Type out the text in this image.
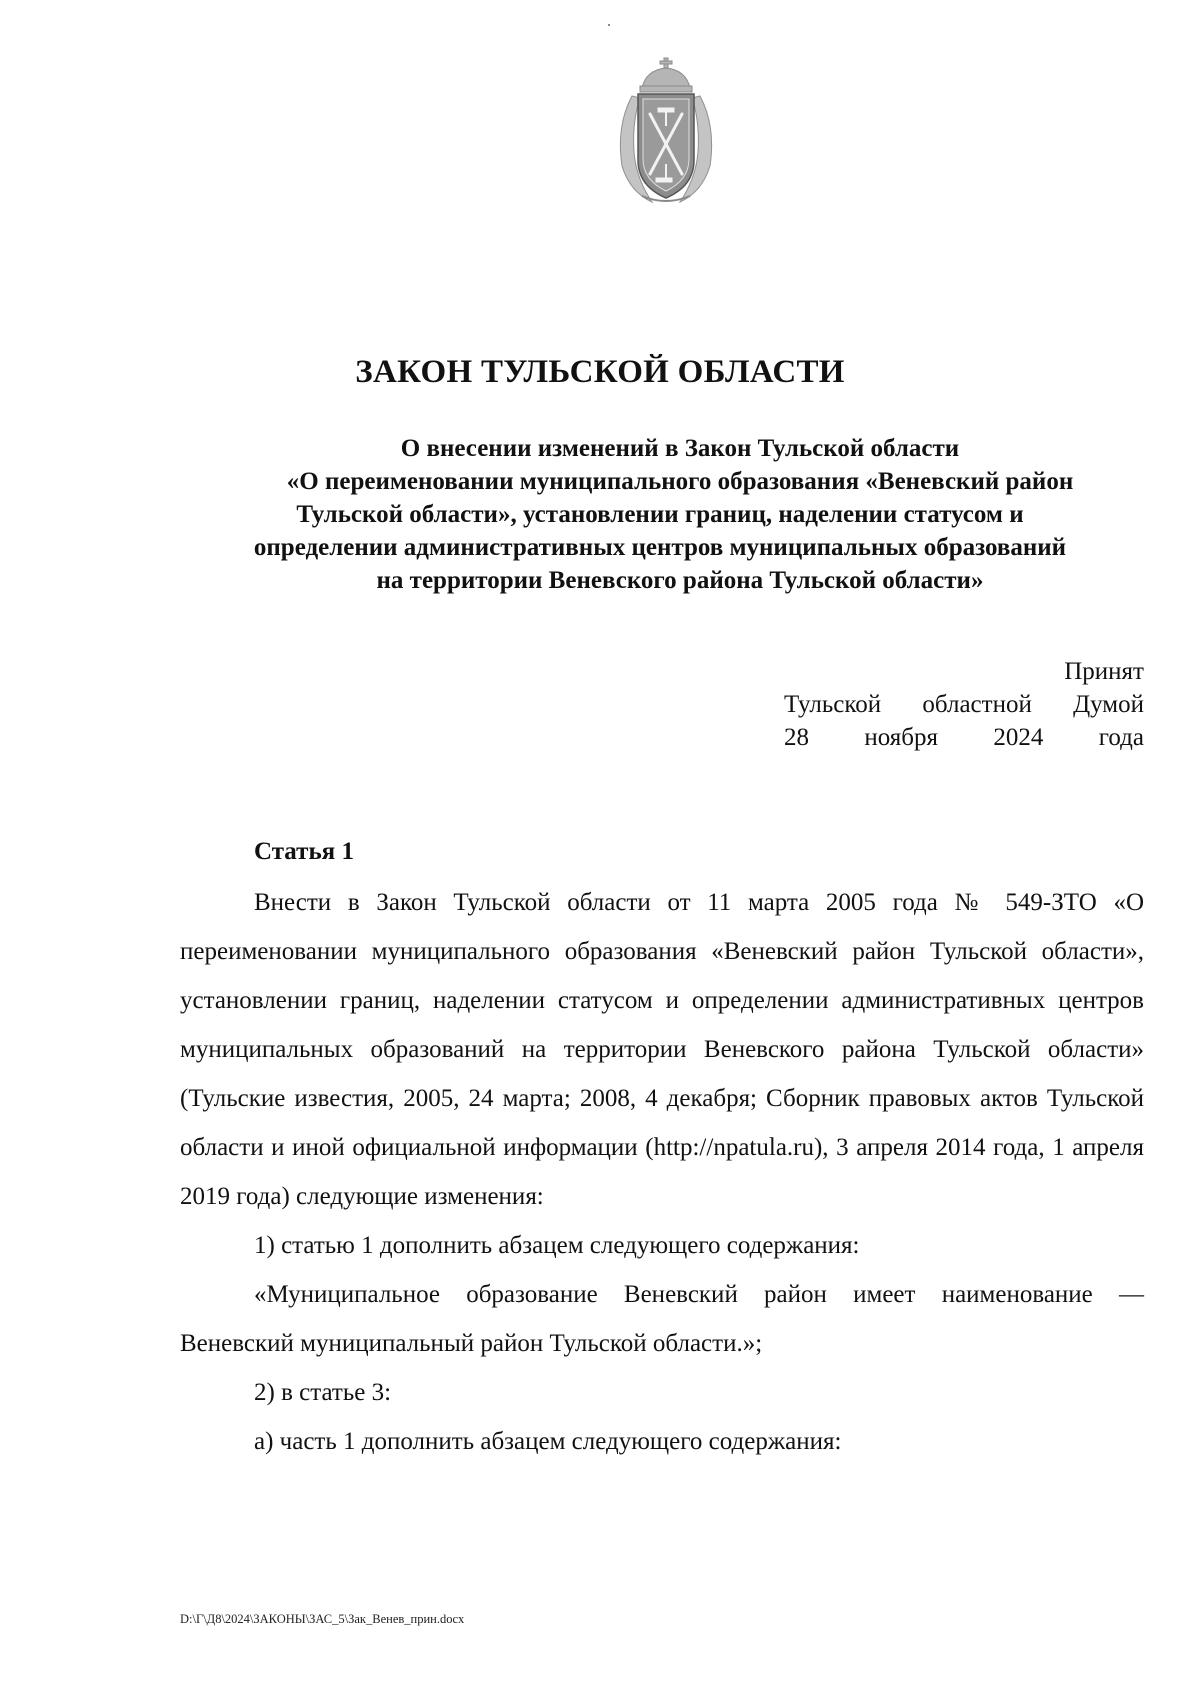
ЗАКОН ТУЛЬСКОЙ ОБЛАСТИ
О внесении изменений в Закон Тульской области
«О переименовании муниципального образования «Веневский район
Тульской области», установлении границ, наделении статусом и
определении административных центров муниципальных образований
на территории Веневского района Тульской области»
Принят
Тульской областной Думой
28 ноября 2024 года
Статья 1

Внести в Закон Тульской области от 11 марта 2005 года № 549-ЗТО «О переименовании муниципального образования «Веневский район Тульской области», установлении границ, наделении статусом и определении административных центров муниципальных образований на территории Веневского района Тульской области» (Тульские известия, 2005, 24 марта; 2008, 4 декабря; Сборник правовых актов Тульской области и иной официальной информации (http://npatula.ru), 3 апреля 2014 года, 1 апреля 2019 года) следующие изменения:

1) статью 1 дополнить абзацем следующего содержания:

«Муниципальное образование Веневский район имеет наименование — Веневский муниципальный район Тульской области.»;

2) в статье 3:

а) часть 1 дополнить абзацем следующего содержания:

D:\Г\Д8\2024\ЗАКОНЫ\ЗАС_5\Зак_Венев_прин.docx
